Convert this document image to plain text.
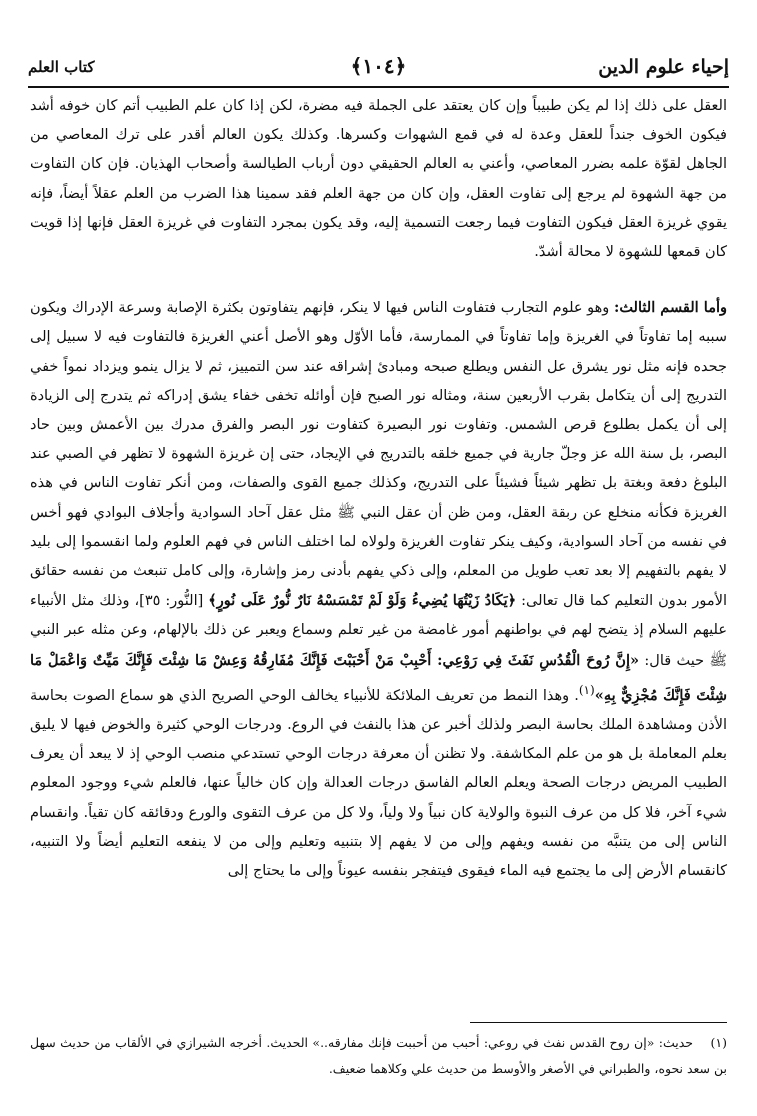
إحياء علوم الدين
﴿١٠٤﴾
كتاب العلم

العقل على ذلك إذا لم يكن طبيباً وإن كان يعتقد على الجملة فيه مضرة، لكن إذا كان علم الطبيب أتم كان خوفه أشد فيكون الخوف جنداً للعقل وعدة له في قمع الشهوات وكسرها. وكذلك يكون العالم أقدر على ترك المعاصي من الجاهل لقوّة علمه بضرر المعاصي، وأعني به العالم الحقيقي دون أرباب الطيالسة وأصحاب الهذيان. فإن كان التفاوت من جهة الشهوة لم يرجع إلى تفاوت العقل، وإن كان من جهة العلم فقد سمينا هذا الضرب من العلم عقلاً أيضاً، فإنه يقوي غريزة العقل فيكون التفاوت فيما رجعت التسمية إليه، وقد يكون بمجرد التفاوت في غريزة العقل فإنها إذا قويت كان قمعها للشهوة لا محالة أشدّ.

وأما القسم الثالث: وهو علوم التجارب فتفاوت الناس فيها لا ينكر، فإنهم يتفاوتون بكثرة الإصابة وسرعة الإدراك ويكون سببه إما تفاوتاً في الغريزة وإما تفاوتاً في الممارسة، فأما الأوّل وهو الأصل أعني الغريزة فالتفاوت فيه لا سبيل إلى جحده فإنه مثل نور يشرق عل النفس ويطلع صبحه ومبادئ إشراقه عند سن التمييز، ثم لا يزال ينمو ويزداد نمواً خفي التدريج إلى أن يتكامل بقرب الأربعين سنة، ومثاله نور الصبح فإن أوائله تخفى خفاء يشق إدراكه ثم يتدرج إلى الزيادة إلى أن يكمل بطلوع قرص الشمس. وتفاوت نور البصيرة كتفاوت نور البصر والفرق مدرك بين الأعمش وبين حاد البصر، بل سنة الله عز وجلّ جارية في جميع خلقه بالتدريج في الإيجاد، حتى إن غريزة الشهوة لا تظهر في الصبي عند البلوغ دفعة وبغتة بل تظهر شيئاً فشيئاً على التدريج، وكذلك جميع القوى والصفات، ومن أنكر تفاوت الناس في هذه الغريزة فكأنه منخلع عن ربقة العقل، ومن ظن أن عقل النبي ﷺ مثل عقل آحاد السوادية وأجلاف البوادي فهو أخس في نفسه من آحاد السوادية، وكيف ينكر تفاوت الغريزة ولولاه لما اختلف الناس في فهم العلوم ولما انقسموا إلى بليد لا يفهم بالتفهيم إلا بعد تعب طويل من المعلم، وإلى ذكي يفهم بأدنى رمز وإشارة، وإلى كامل تنبعث من نفسه حقائق الأمور بدون التعليم كما قال تعالى: ﴿يَكَادُ زَيْتُهَا يُضِيءُ وَلَوْ لَمْ تَمْسَسْهُ نَارٌ نُّورٌ عَلَى نُورٍ﴾ [النُّور: ٣٥]، وذلك مثل الأنبياء عليهم السلام إذ يتضح لهم في بواطنهم أمور غامضة من غير تعلم وسماع ويعبر عن ذلك بالإلهام، وعن مثله عبر النبي ﷺ حيث قال: «إِنَّ رُوحَ الْقُدُسِ نَفَثَ فِي رَوْعِي: أَحْبِبْ مَنْ أَحْبَبْتَ فَإِنَّكَ مُفَارِقُهُ وَعِشْ مَا شِئْتَ فَإِنَّكَ مَيِّتٌ وَاعْمَلْ مَا شِئْتَ فَإِنَّكَ مُجْزِيٌّ بِهِ»$^{(١)}$. وهذا النمط من تعريف الملائكة للأنبياء يخالف الوحي الصريح الذي هو سماع الصوت بحاسة الأذن ومشاهدة الملك بحاسة البصر ولذلك أخبر عن هذا بالنفث في الروع. ودرجات الوحي كثيرة والخوض فيها لا يليق بعلم المعاملة بل هو من علم المكاشفة. ولا تظنن أن معرفة درجات الوحي تستدعي منصب الوحي إذ لا يبعد أن يعرف الطبيب المريض درجات الصحة ويعلم العالم الفاسق درجات العدالة وإن كان خالياً عنها، فالعلم شيء ووجود المعلوم شيء آخر، فلا كل من عرف النبوة والولاية كان نبياً ولا ولياً، ولا كل من عرف التقوى والورع ودقائقه كان تقياً. وانقسام الناس إلى من يتنبَّه من نفسه ويفهم وإلى من لا يفهم إلا بتنبيه وتعليم وإلى من لا ينفعه التعليم أيضاً ولا التنبيه، كانقسام الأرض إلى ما يجتمع فيه الماء فيقوى فيتفجر بنفسه عيوناً وإلى ما يحتاج إلى

(١)حديث: «إن روح القدس نفث في روعي: أحبب من أحببت فإنك مفارقه..» الحديث. أخرجه الشيرازي في الألقاب من حديث سهل بن سعد نحوه، والطبراني في الأصغر والأوسط من حديث علي وكلاهما ضعيف.
